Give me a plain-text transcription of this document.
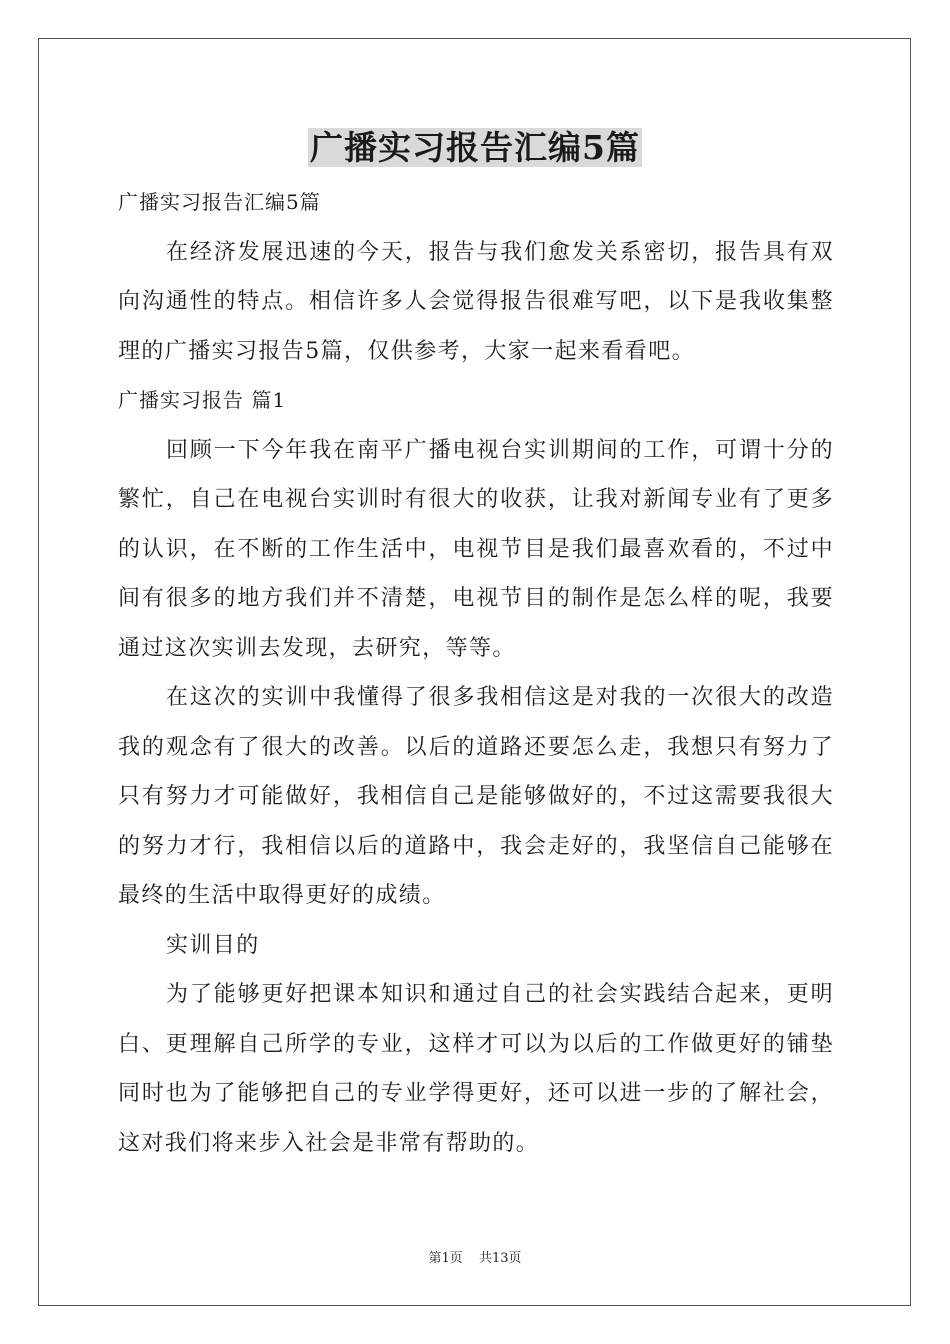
广播实习报告汇编5篇

广播实习报告汇编5篇

在经济发展迅速的今天，报告与我们愈发关系密切，报告具有双向沟通性的特点。相信许多人会觉得报告很难写吧，以下是我收集整理的广播实习报告5篇，仅供参考，大家一起来看看吧。

广播实习报告 篇1

回顾一下今年我在南平广播电视台实训期间的工作，可谓十分的繁忙，自己在电视台实训时有很大的收获，让我对新闻专业有了更多的认识，在不断的工作生活中，电视节目是我们最喜欢看的，不过中间有很多的地方我们并不清楚，电视节目的制作是怎么样的呢，我要通过这次实训去发现，去研究，等等。

在这次的实训中我懂得了很多我相信这是对我的一次很大的改造我的观念有了很大的改善。以后的道路还要怎么走，我想只有努力了只有努力才可能做好，我相信自己是能够做好的，不过这需要我很大的努力才行，我相信以后的道路中，我会走好的，我坚信自己能够在最终的生活中取得更好的成绩。

实训目的

为了能够更好把课本知识和通过自己的社会实践结合起来，更明白、更理解自己所学的专业，这样才可以为以后的工作做更好的铺垫同时也为了能够把自己的专业学得更好，还可以进一步的了解社会，这对我们将来步入社会是非常有帮助的。

第1页 共13页
